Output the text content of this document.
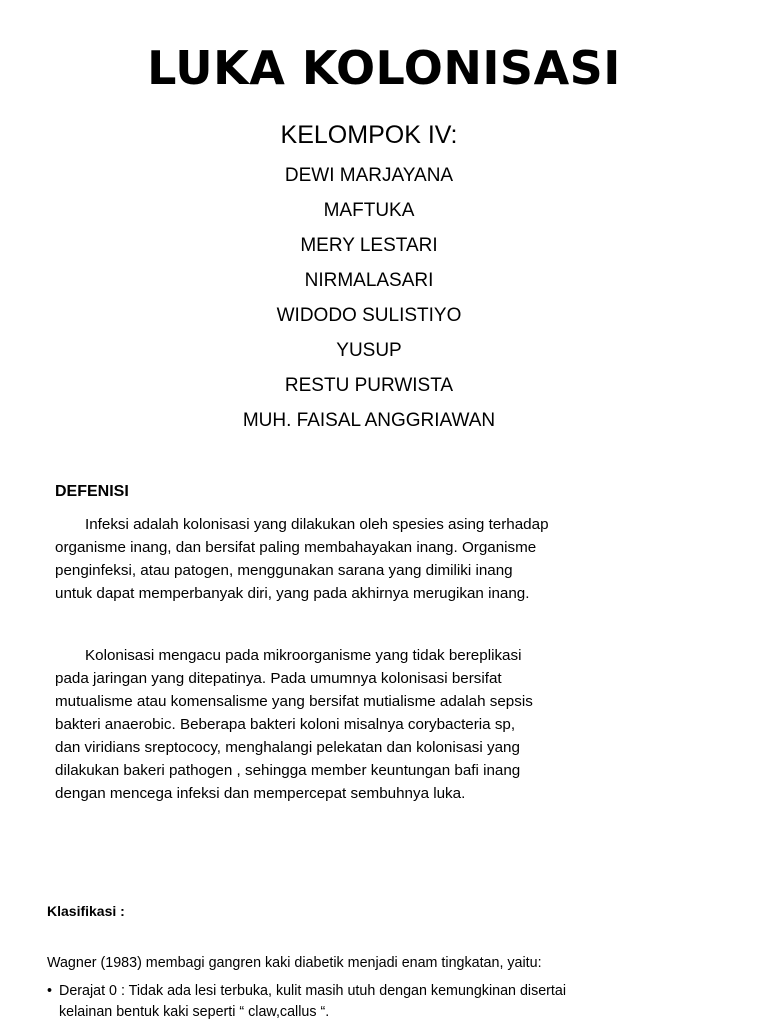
LUKA KOLONISASI
KELOMPOK IV:
DEWI MARJAYANA
MAFTUKA
MERY LESTARI
NIRMALASARI
WIDODO SULISTIYO
YUSUP
RESTU PURWISTA
MUH. FAISAL ANGGRIAWAN
DEFENISI

Infeksi adalah kolonisasi yang dilakukan oleh spesies asing terhadap
organisme inang, dan bersifat paling membahayakan inang. Organisme
penginfeksi, atau patogen, menggunakan sarana yang dimiliki inang
untuk dapat memperbanyak diri, yang pada akhirnya merugikan inang.

Kolonisasi mengacu pada mikroorganisme yang tidak bereplikasi
pada jaringan yang ditepatinya. Pada umumnya kolonisasi bersifat
mutualisme atau komensalisme yang bersifat mutialisme adalah sepsis
bakteri anaerobic. Beberapa bakteri koloni misalnya corybacteria sp,
dan viridians sreptococy, menghalangi pelekatan dan kolonisasi yang
dilakukan bakeri pathogen , sehingga member keuntungan bafi inang
dengan mencega infeksi dan mempercepat sembuhnya luka.

Klasifikasi :
Wagner (1983) membagi gangren kaki diabetik menjadi enam tingkatan, yaitu:
• Derajat 0 : Tidak ada lesi terbuka, kulit masih utuh dengan kemungkinan disertai
kelainan bentuk kaki seperti “ claw,callus “.
